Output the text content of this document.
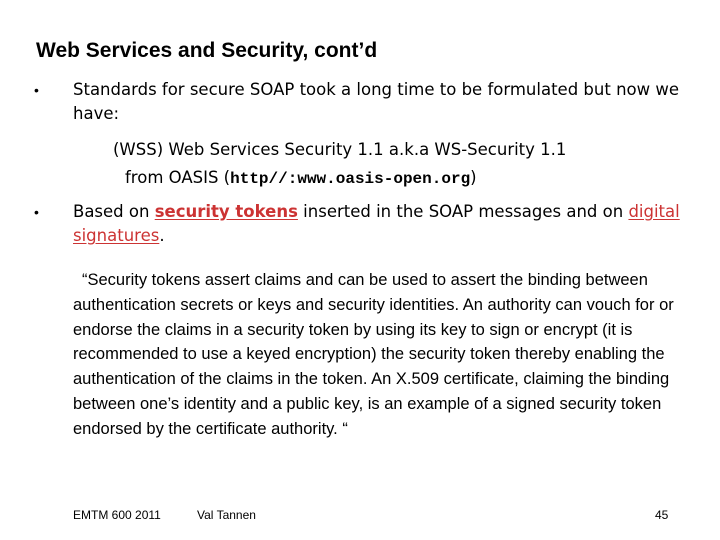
Web Services and Security, cont’d
• Standards for secure SOAP took a long time to be formulated but now we have:
(WSS) Web Services Security 1.1 a.k.a WS-Security 1.1
from OASIS (http//:www.oasis-open.org)
• Based on security tokens inserted in the SOAP messages and on digital signatures.
“Security tokens assert claims and can be used to assert the binding between authentication secrets or keys and security identities. An authority can vouch for or endorse the claims in a security token by using its key to sign or encrypt (it is recommended to use a keyed encryption) the security token thereby enabling the authentication of the claims in the token. An X.509 certificate, claiming the binding between one’s identity and a public key, is an example of a signed security token endorsed by the certificate authority. “
EMTM 600 2011	Val Tannen	45
